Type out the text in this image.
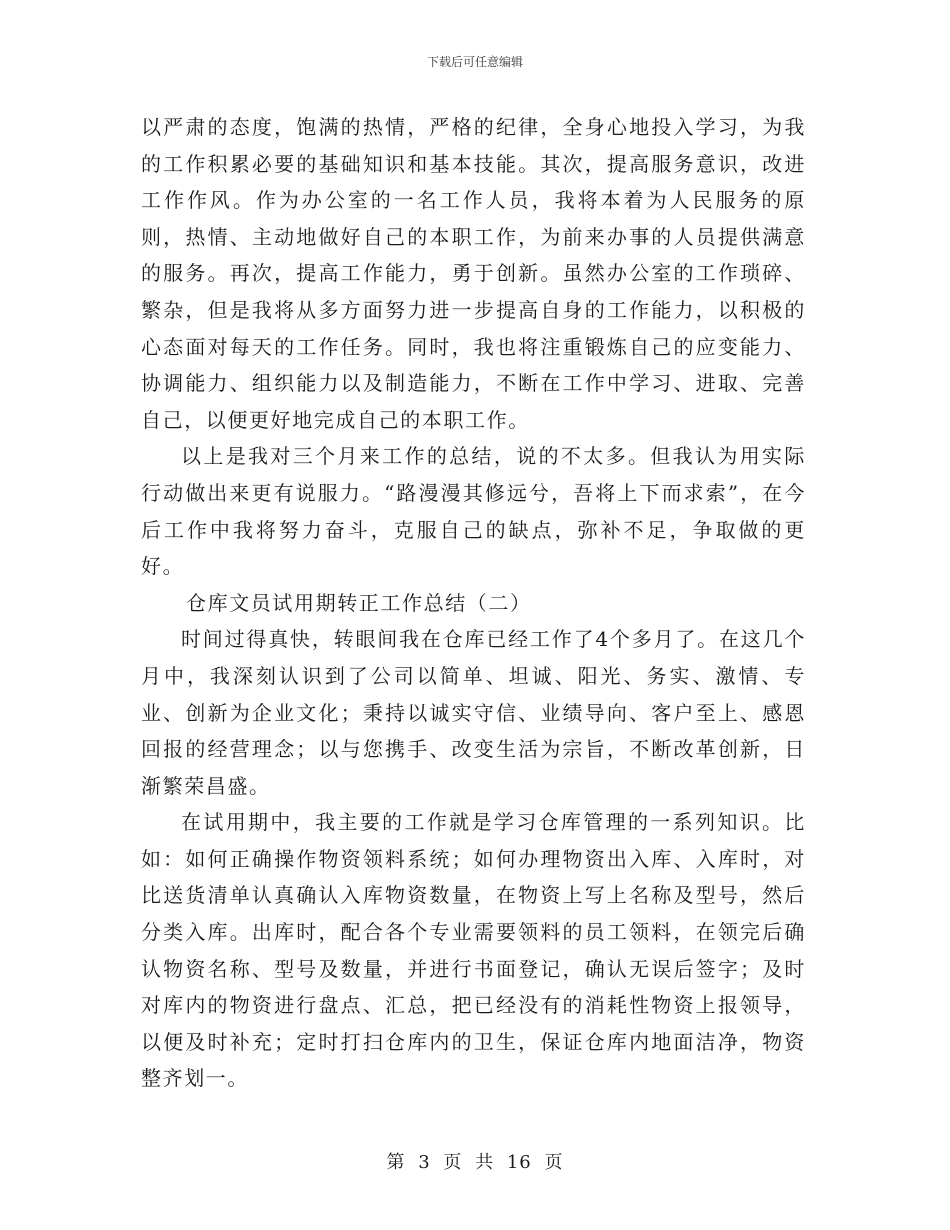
下载后可任意编辑

以严肃的态度，饱满的热情，严格的纪律，全身心地投入学习，为我的工作积累必要的基础知识和基本技能。其次，提高服务意识，改进工作作风。作为办公室的一名工作人员，我将本着为人民服务的原则，热情、主动地做好自己的本职工作，为前来办事的人员提供满意的服务。再次，提高工作能力，勇于创新。虽然办公室的工作琐碎、繁杂，但是我将从多方面努力进一步提高自身的工作能力，以积极的心态面对每天的工作任务。同时，我也将注重锻炼自己的应变能力、协调能力、组织能力以及制造能力，不断在工作中学习、进取、完善自己，以便更好地完成自己的本职工作。

以上是我对三个月来工作的总结，说的不太多。但我认为用实际行动做出来更有说服力。“路漫漫其修远兮，吾将上下而求索”，在今后工作中我将努力奋斗，克服自己的缺点，弥补不足，争取做的更好。

仓库文员试用期转正工作总结（二）

时间过得真快，转眼间我在仓库已经工作了4个多月了。在这几个月中，我深刻认识到了公司以简单、坦诚、阳光、务实、激情、专业、创新为企业文化；秉持以诚实守信、业绩导向、客户至上、感恩回报的经营理念；以与您携手、改变生活为宗旨，不断改革创新，日渐繁荣昌盛。

在试用期中，我主要的工作就是学习仓库管理的一系列知识。比如：如何正确操作物资领料系统；如何办理物资出入库、入库时，对比送货清单认真确认入库物资数量，在物资上写上名称及型号，然后分类入库。出库时，配合各个专业需要领料的员工领料，在领完后确认物资名称、型号及数量，并进行书面登记，确认无误后签字；及时对库内的物资进行盘点、汇总，把已经没有的消耗性物资上报领导，以便及时补充；定时打扫仓库内的卫生，保证仓库内地面洁净，物资整齐划一。

第 3 页 共 16 页
